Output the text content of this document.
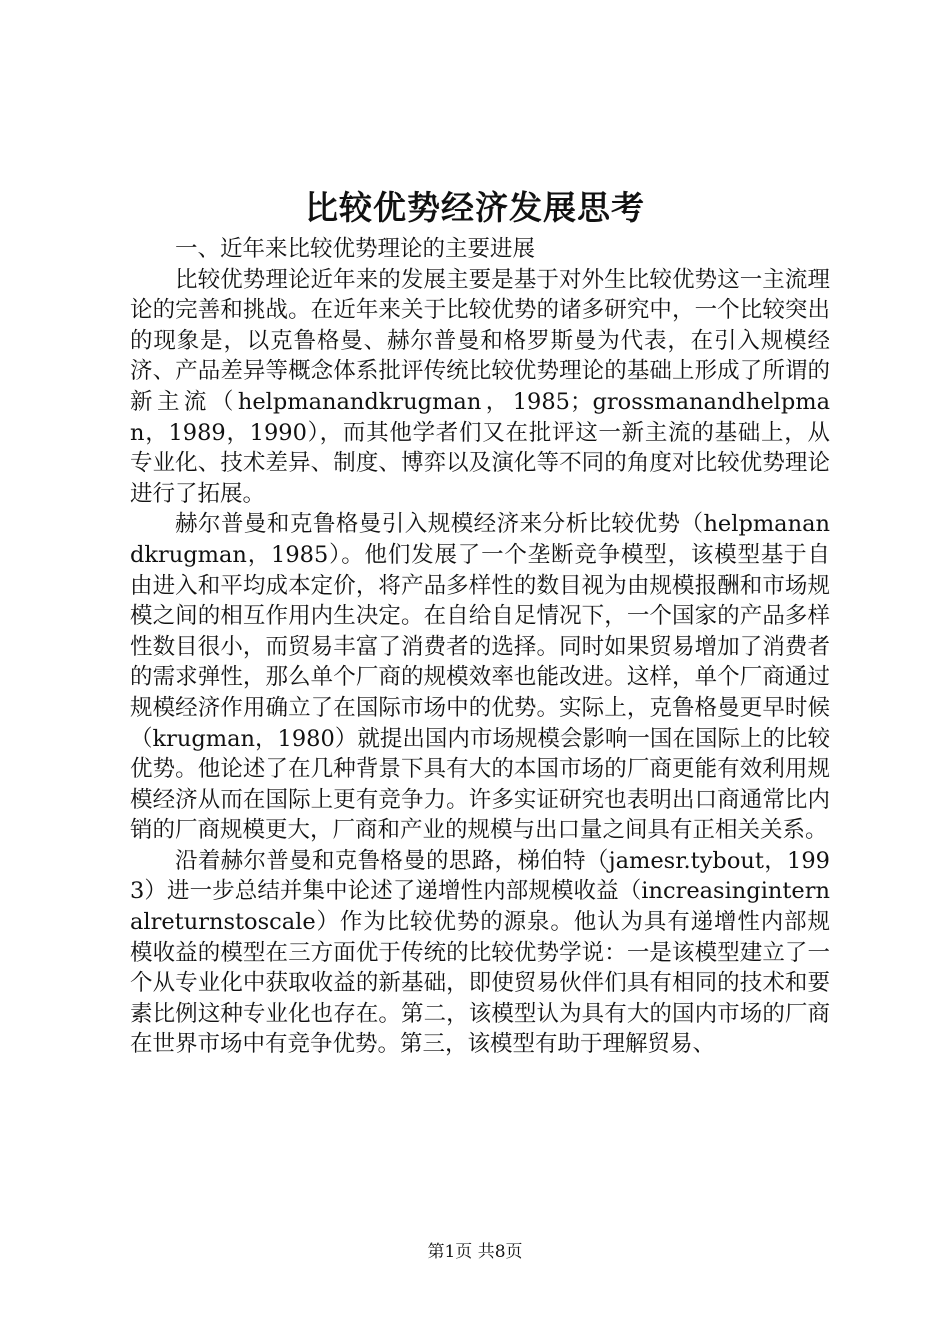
比较优势经济发展思考

一、近年来比较优势理论的主要进展

比较优势理论近年来的发展主要是基于对外生比较优势这一主流理论的完善和挑战。在近年来关于比较优势的诸多研究中，一个比较突出的现象是，以克鲁格曼、赫尔普曼和格罗斯曼为代表，在引入规模经济、产品差异等概念体系批评传统比较优势理论的基础上形成了所谓的新主流（helpmanandkrugman，1985；grossmanandhelpman，1989，1990），而其他学者们又在批评这一新主流的基础上，从专业化、技术差异、制度、博弈以及演化等不同的角度对比较优势理论进行了拓展。

赫尔普曼和克鲁格曼引入规模经济来分析比较优势（helpmanandkrugman，1985）。他们发展了一个垄断竞争模型，该模型基于自由进入和平均成本定价，将产品多样性的数目视为由规模报酬和市场规模之间的相互作用内生决定。在自给自足情况下，一个国家的产品多样性数目很小，而贸易丰富了消费者的选择。同时如果贸易增加了消费者的需求弹性，那么单个厂商的规模效率也能改进。这样，单个厂商通过规模经济作用确立了在国际市场中的优势。实际上，克鲁格曼更早时候（krugman，1980）就提出国内市场规模会影响一国在国际上的比较优势。他论述了在几种背景下具有大的本国市场的厂商更能有效利用规模经济从而在国际上更有竞争力。许多实证研究也表明出口商通常比内销的厂商规模更大，厂商和产业的规模与出口量之间具有正相关关系。

沿着赫尔普曼和克鲁格曼的思路，梯伯特（jamesr.tybout，1993）进一步总结并集中论述了递增性内部规模收益（increasinginternalreturnstoscale）作为比较优势的源泉。他认为具有递增性内部规模收益的模型在三方面优于传统的比较优势学说：一是该模型建立了一个从专业化中获取收益的新基础，即使贸易伙伴们具有相同的技术和要素比例这种专业化也存在。第二，该模型认为具有大的国内市场的厂商在世界市场中有竞争优势。第三，该模型有助于理解贸易、

第1页 共8页
